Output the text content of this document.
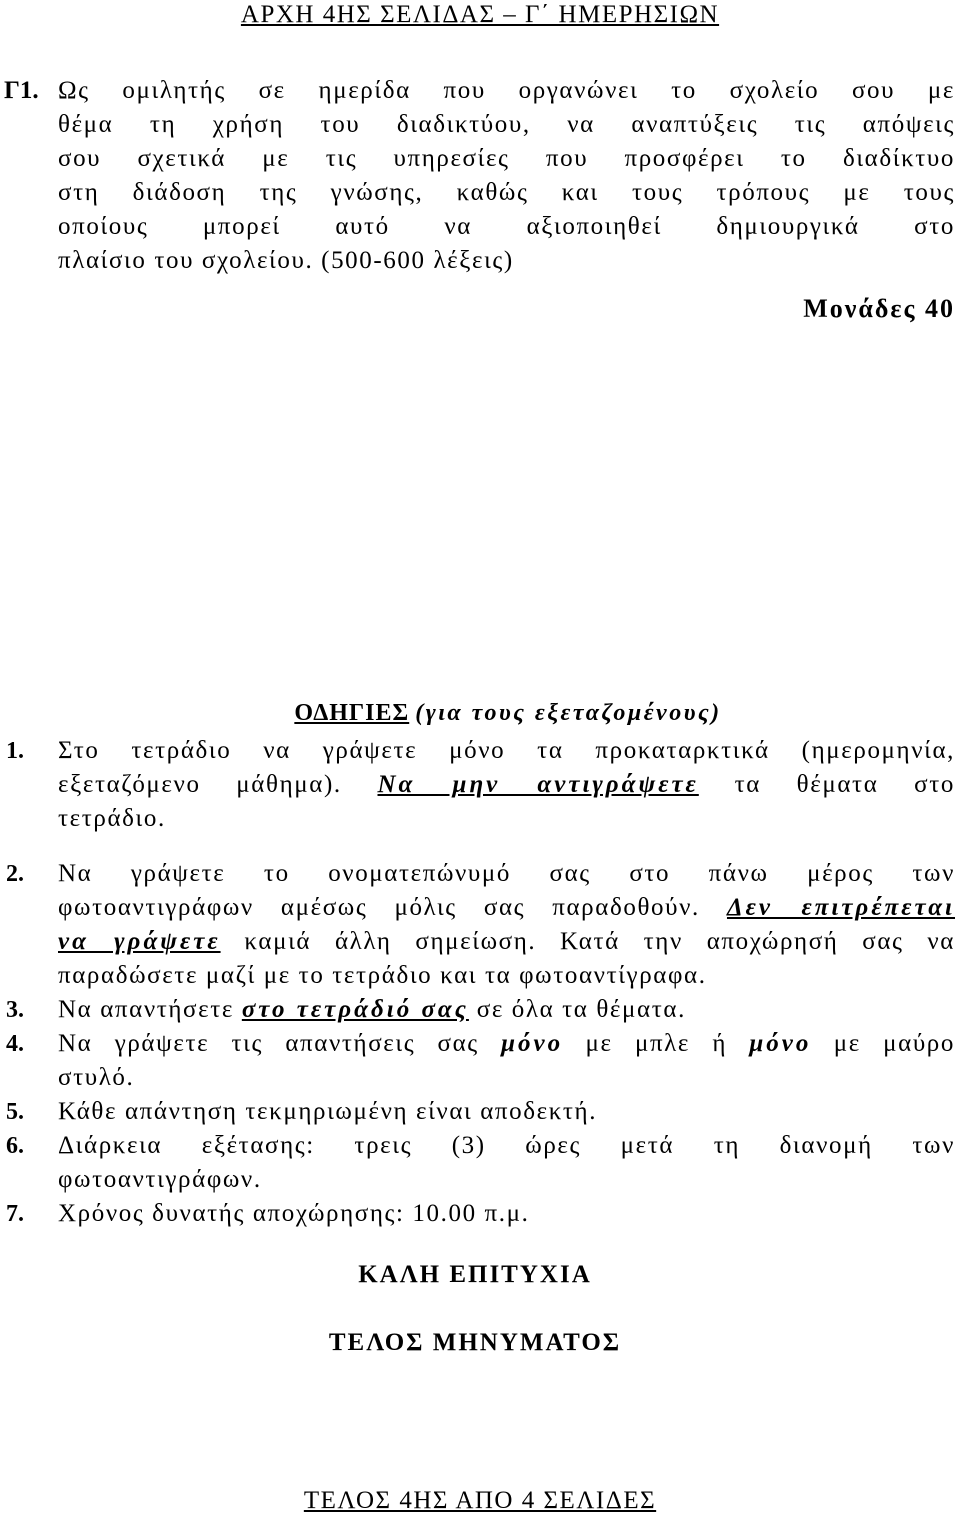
ΑΡΧΗ 4ΗΣ ΣΕΛΙΔΑΣ – Γ΄ ΗΜΕΡΗΣΙΩΝ
Γ1. Ως ομιλητής σε ημερίδα που οργανώνει το σχολείο σου με
θέμα τη χρήση του διαδικτύου, να αναπτύξεις τις απόψεις
σου σχετικά με τις υπηρεσίες που προσφέρει το διαδίκτυο
στη διάδοση της γνώσης, καθώς και τους τρόπους με τους
οποίους μπορεί αυτό να αξιοποιηθεί δημιουργικά στο
πλαίσιο του σχολείου. (500-600 λέξεις)
Μονάδες 40
ΟΔΗΓΙΕΣ (για τους εξεταζομένους)
1. Στο τετράδιο να γράψετε μόνο τα προκαταρκτικά (ημερομηνία,
εξεταζόμενο μάθημα). Να μην αντιγράψετε τα θέματα στο
τετράδιο.
2. Να γράψετε το ονοματεπώνυμό σας στο πάνω μέρος των
φωτοαντιγράφων αμέσως μόλις σας παραδοθούν. Δεν επιτρέπεται
να γράψετε καμιά άλλη σημείωση. Κατά την αποχώρησή σας να
παραδώσετε μαζί με το τετράδιο και τα φωτοαντίγραφα.
3. Να απαντήσετε στο τετράδιό σας σε όλα τα θέματα.
4. Να γράψετε τις απαντήσεις σας μόνο με μπλε ή μόνο με μαύρο
στυλό.
5. Κάθε απάντηση τεκμηριωμένη είναι αποδεκτή.
6. Διάρκεια εξέτασης: τρεις (3) ώρες μετά τη διανομή των
φωτοαντιγράφων.
7. Χρόνος δυνατής αποχώρησης: 10.00 π.μ.
ΚΑΛΗ ΕΠΙΤΥΧΙΑ
ΤΕΛΟΣ ΜΗΝΥΜΑΤΟΣ
ΤΕΛΟΣ 4ΗΣ ΑΠΟ 4 ΣΕΛΙΔΕΣ
